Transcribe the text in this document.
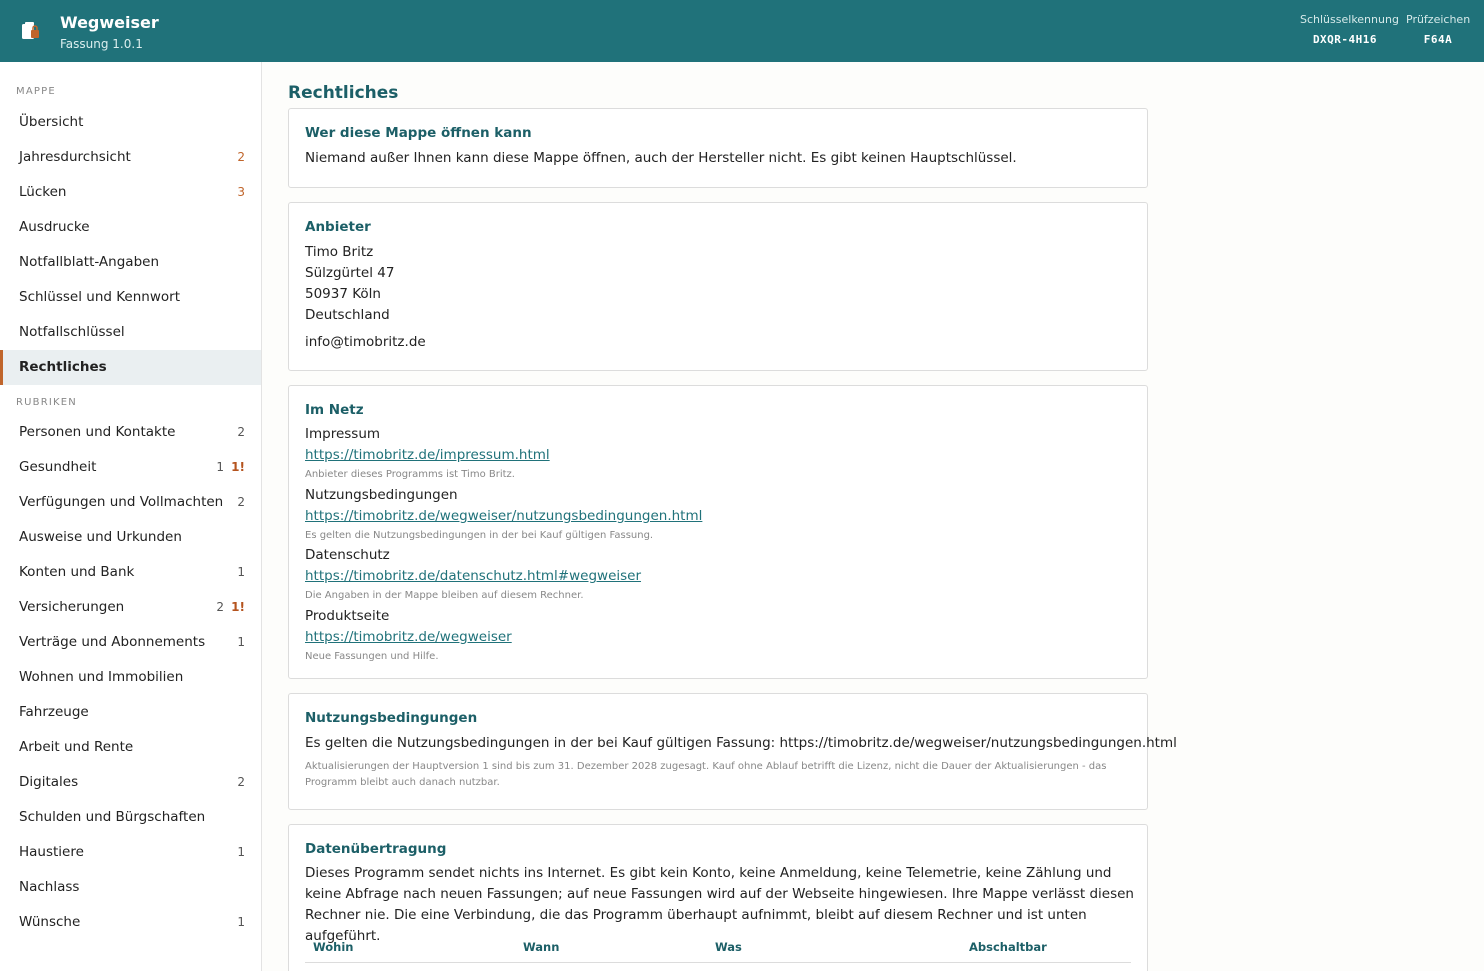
Wegweiser
Fassung 1.0.1
Schlüsselkennung
DXQR-4H16
Prüfzeichen
F64A
MAPPE
Übersicht
Jahresdurchsicht	2
Lücken	3
Ausdrucke
Notfallblatt-Angaben
Schlüssel und Kennwort
Notfallschlüssel
Rechtliches
RUBRIKEN
Personen und Kontakte	2
Gesundheit	1 1!
Verfügungen und Vollmachten 2
Ausweise und Urkunden
Konten und Bank	1
Versicherungen	2 1!
Verträge und Abonnements	1
Wohnen und Immobilien
Fahrzeuge
Arbeit und Rente
Digitales	2
Schulden und Bürgschaften
Haustiere	1
Nachlass
Wünsche	1
Rechtliches
Wer diese Mappe öffnen kann
Niemand außer Ihnen kann diese Mappe öffnen, auch der Hersteller nicht. Es gibt keinen Hauptschlüssel.
Anbieter
Timo Britz
Sülzgürtel 47
50937 Köln
Deutschland
info@timobritz.de
Im Netz
Impressum
https://timobritz.de/impressum.html
Anbieter dieses Programms ist Timo Britz.
Nutzungsbedingungen
https://timobritz.de/wegweiser/nutzungsbedingungen.html
Es gelten die Nutzungsbedingungen in der bei Kauf gültigen Fassung.
Datenschutz
https://timobritz.de/datenschutz.html#wegweiser
Die Angaben in der Mappe bleiben auf diesem Rechner.
Produktseite
https://timobritz.de/wegweiser
Neue Fassungen und Hilfe.
Nutzungsbedingungen
Es gelten die Nutzungsbedingungen in der bei Kauf gültigen Fassung: https://timobritz.de/wegweiser/nutzungsbedingungen.html
Aktualisierungen der Hauptversion 1 sind bis zum 31. Dezember 2028 zugesagt. Kauf ohne Ablauf betrifft die Lizenz, nicht die Dauer der Aktualisierungen - das Programm bleibt auch danach nutzbar.
Datenübertragung
Dieses Programm sendet nichts ins Internet. Es gibt kein Konto, keine Anmeldung, keine Telemetrie, keine Zählung und keine Abfrage nach neuen Fassungen; auf neue Fassungen wird auf der Webseite hingewiesen. Ihre Mappe verlässt diesen Rechner nie. Die eine Verbindung, die das Programm überhaupt aufnimmt, bleibt auf diesem Rechner und ist unten aufgeführt.
Wohin	Wann	Was	Abschaltbar
